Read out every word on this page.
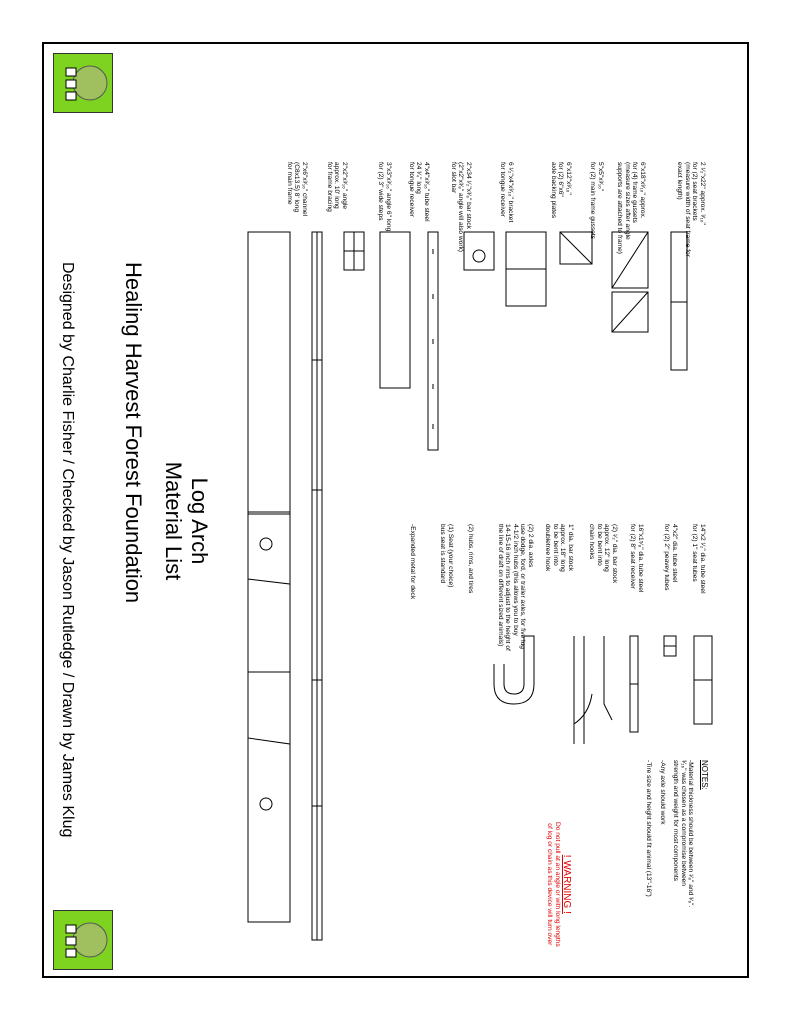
Log Arch
Material List
Healing Harvest Forest Foundation
Designed by Charlie Fisher / Checked by Jason Rutledge / Drawn by James Klug
2 ¹⁄₂"x22" approx. ³⁄₁₆"
for (2) seat brackets
(measure width of seat frame for
exact length)
6"x18"x³⁄₁₆" approx.
for (4) frame gussets
(measure sizes after angle
supports are attached to frame)
5"x5"x³⁄₁₆"
for (2) main frame gussets
6"x12"x³⁄₁₆"
for (2) 6"x6"
axle backing plates
6 ¹⁄₂"x4"x³⁄₁₆" bracket
for tongue receiver
2"x34 ¹⁄₂"x³⁄₈" bar stock
(2"x2"x³⁄₈" angle will also work)
for slot bar
4"x4"x³⁄₁₆" tube steel
24 ³⁄₄" long
for tongue receiver
3"x3"x³⁄₁₆" angle 6" long
for (2) 3" wide steps
2"x2"x³⁄₁₆" angle
approx. 10' long
for frame bracing
2"x6"x³⁄₁₆" channel
(C8x13.5) 8' long
for main frame
14"x2 ¹⁄₂" dia. tube steel
for (2) 1" seat tubes
4"x2" dia. tube steel
for (2) 2" peavey tubes
16"x1⁵⁄₈" dia. tube steel
for (2) 8" seat receiver
(2) ¹⁄₂" dia. bar stock
approx. 12" long
to be bent into
chain hooks
1" dia. bar stock
approx. 18" long
to be bent into
doubletree hook
(2) 2 dia. axles
use dodge, ford, or trailer axles, for five lug
4-1/2 inch hubs (this allows you to buy
14-15-16 inch rims to adjust to the height of
the line of draft on different sized animals)
(2) hubs, rims, and tires
(1) Seat (your choice)
bus seat is standard
-Expanded metal for deck
NOTES:
-Material thickness should be between ¹⁄₈" and ³⁄₈".
³⁄₁₆" was chosen as a compromise between
strength and weight for most components
-Any axle should work
-Tire size and height should fit animal (13"-16")
! WARNING !
Do not pull at an angle or with long lengths
of log or chain as this device will turn over
